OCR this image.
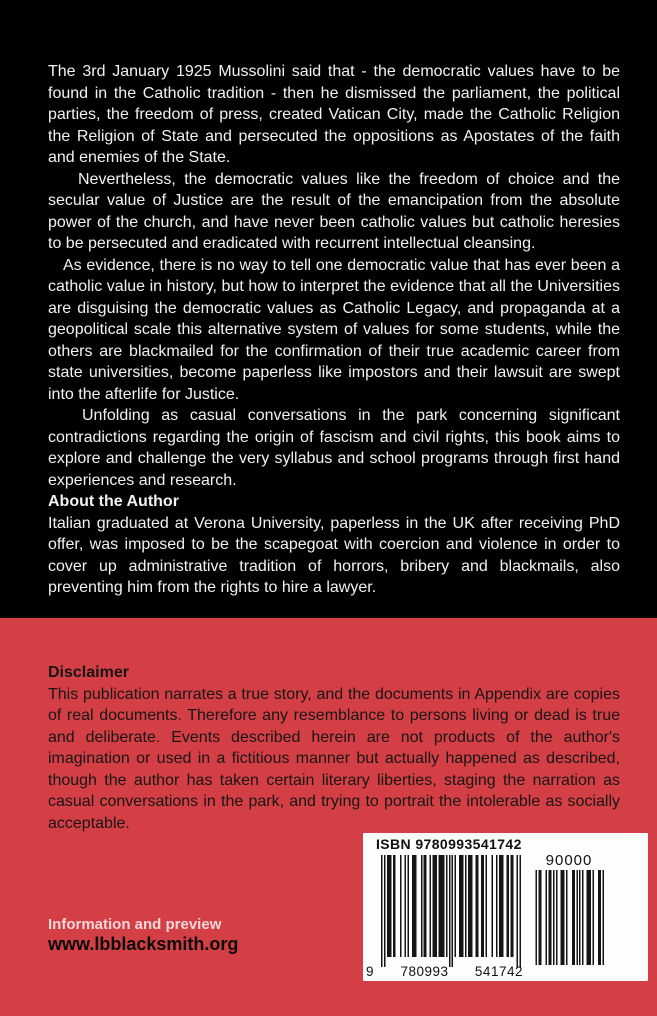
The 3rd January 1925 Mussolini said that - the democratic values have to be found in the Catholic tradition - then he dismissed the parliament, the political parties, the freedom of press, created Vatican City, made the Catholic Religion the Religion of State and persecuted the oppositions as Apostates of the faith and enemies of the State.

Nevertheless, the democratic values like the freedom of choice and the secular value of Justice are the result of the emancipation from the absolute power of the church, and have never been catholic values but catholic heresies to be persecuted and eradicated with recurrent intellectual cleansing.

As evidence, there is no way to tell one democratic value that has ever been a catholic value in history, but how to interpret the evidence that all the Universities are disguising the democratic values as Catholic Legacy, and propaganda at a geopolitical scale this alternative system of values for some students, while the others are blackmailed for the confirmation of their true academic career from state universities, become paperless like impostors and their lawsuit are swept into the afterlife for Justice.

Unfolding as casual conversations in the park concerning significant contradictions regarding the origin of fascism and civil rights, this book aims to explore and challenge the very syllabus and school programs through first hand experiences and research.

About the Author

Italian graduated at Verona University, paperless in the UK after receiving PhD offer, was imposed to be the scapegoat with coercion and violence in order to cover up administrative tradition of horrors, bribery and blackmails, also preventing him from the rights to hire a lawyer.

Disclaimer

This publication narrates a true story, and the documents in Appendix are copies of real documents. Therefore any resemblance to persons living or dead is true and deliberate. Events described herein are not products of the author's imagination or used in a fictitious manner but actually happened as described, though the author has taken certain literary liberties, staging the narration as casual conversations in the park, and trying to portrait the intolerable as socially acceptable.

ISBN 9780993541742
9 780993 541742
90000

Information and preview

www.lbblacksmith.org
